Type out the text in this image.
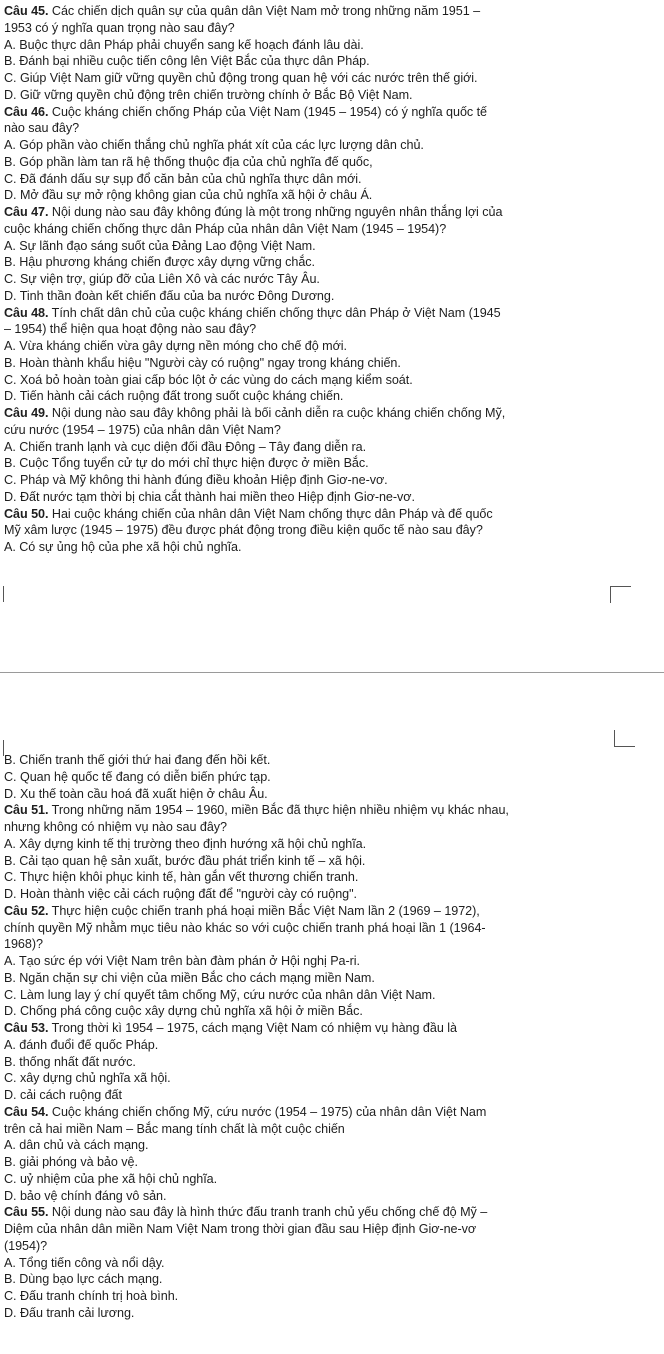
Câu 45. Các chiến dịch quân sự của quân dân Việt Nam mở trong những năm 1951 –
1953 có ý nghĩa quan trọng nào sau đây?
A. Buộc thực dân Pháp phải chuyển sang kế hoạch đánh lâu dài.
B. Đánh bại nhiều cuộc tiến công lên Việt Bắc của thực dân Pháp.
C. Giúp Việt Nam giữ vững quyền chủ động trong quan hệ với các nước trên thế giới.
D. Giữ vững quyền chủ động trên chiến trường chính ở Bắc Bộ Việt Nam.
Câu 46. Cuộc kháng chiến chống Pháp của Việt Nam (1945 – 1954) có ý nghĩa quốc tế
nào sau đây?
A. Góp phần vào chiến thắng chủ nghĩa phát xít của các lực lượng dân chủ.
B. Góp phần làm tan rã hệ thống thuộc địa của chủ nghĩa đế quốc,
C. Đã đánh dấu sự sụp đổ căn bản của chủ nghĩa thực dân mới.
D. Mở đầu sự mở rộng không gian của chủ nghĩa xã hội ở châu Á.
Câu 47. Nội dung nào sau đây không đúng là một trong những nguyên nhân thắng lợi của
cuộc kháng chiến chống thực dân Pháp của nhân dân Việt Nam (1945 – 1954)?
A. Sự lãnh đạo sáng suốt của Đảng Lao động Việt Nam.
B. Hậu phương kháng chiến được xây dựng vững chắc.
C. Sự viện trợ, giúp đỡ của Liên Xô và các nước Tây Âu.
D. Tinh thần đoàn kết chiến đấu của ba nước Đông Dương.
Câu 48. Tính chất dân chủ của cuộc kháng chiến chống thực dân Pháp ở Việt Nam (1945
– 1954) thể hiện qua hoạt động nào sau đây?
A. Vừa kháng chiến vừa gây dựng nền móng cho chế độ mới.
B. Hoàn thành khẩu hiệu "Người cày có ruộng" ngay trong kháng chiến.
C. Xoá bỏ hoàn toàn giai cấp bóc lột ở các vùng do cách mạng kiểm soát.
D. Tiến hành cải cách ruộng đất trong suốt cuộc kháng chiến.
Câu 49. Nội dung nào sau đây không phải là bối cảnh diễn ra cuộc kháng chiến chống Mỹ,
cứu nước (1954 – 1975) của nhân dân Việt Nam?
A. Chiến tranh lạnh và cục diện đối đầu Đông – Tây đang diễn ra.
B. Cuộc Tổng tuyển cử tự do mới chỉ thực hiện được ở miền Bắc.
C. Pháp và Mỹ không thi hành đúng điều khoản Hiệp định Giơ-ne-vơ.
D. Đất nước tạm thời bị chia cắt thành hai miền theo Hiệp định Giơ-ne-vơ.
Câu 50. Hai cuộc kháng chiến của nhân dân Việt Nam chống thực dân Pháp và đế quốc
Mỹ xâm lược (1945 – 1975) đều được phát động trong điều kiện quốc tế nào sau đây?
A. Có sự ủng hộ của phe xã hội chủ nghĩa.
B. Chiến tranh thế giới thứ hai đang đến hồi kết.
C. Quan hệ quốc tế đang có diễn biến phức tạp.
D. Xu thế toàn cầu hoá đã xuất hiện ở châu Âu.
Câu 51. Trong những năm 1954 – 1960, miền Bắc đã thực hiện nhiều nhiệm vụ khác nhau,
nhưng không có nhiệm vụ nào sau đây?
A. Xây dựng kinh tế thị trường theo định hướng xã hội chủ nghĩa.
B. Cải tạo quan hệ sản xuất, bước đầu phát triển kinh tế – xã hội.
C. Thực hiện khôi phục kinh tế, hàn gắn vết thương chiến tranh.
D. Hoàn thành việc cải cách ruộng đất để "người cày có ruộng".
Câu 52. Thực hiện cuộc chiến tranh phá hoại miền Bắc Việt Nam lần 2 (1969 – 1972),
chính quyền Mỹ nhằm mục tiêu nào khác so với cuộc chiến tranh phá hoại lần 1 (1964-
1968)?
A. Tạo sức ép với Việt Nam trên bàn đàm phán ở Hội nghị Pa-ri.
B. Ngăn chặn sự chi viện của miền Bắc cho cách mạng miền Nam.
C. Làm lung lay ý chí quyết tâm chống Mỹ, cứu nước của nhân dân Việt Nam.
D. Chống phá công cuộc xây dựng chủ nghĩa xã hội ở miền Bắc.
Câu 53. Trong thời kì 1954 – 1975, cách mạng Việt Nam có nhiệm vụ hàng đầu là
A. đánh đuổi đế quốc Pháp.
B. thống nhất đất nước.
C. xây dựng chủ nghĩa xã hội.
D. cải cách ruộng đất
Câu 54. Cuộc kháng chiến chống Mỹ, cứu nước (1954 – 1975) của nhân dân Việt Nam
trên cả hai miền Nam – Bắc mang tính chất là một cuộc chiến
A. dân chủ và cách mạng.
B. giải phóng và bảo vệ.
C. uỷ nhiệm của phe xã hội chủ nghĩa.
D. bảo vệ chính đáng vô sản.
Câu 55. Nội dung nào sau đây là hình thức đấu tranh tranh chủ yếu chống chế độ Mỹ –
Diệm của nhân dân miền Nam Việt Nam trong thời gian đầu sau Hiệp định Giơ-ne-vơ
(1954)?
A. Tổng tiến công và nổi dậy.
B. Dùng bạo lực cách mạng.
C. Đấu tranh chính trị hoà bình.
D. Đấu tranh cải lương.
